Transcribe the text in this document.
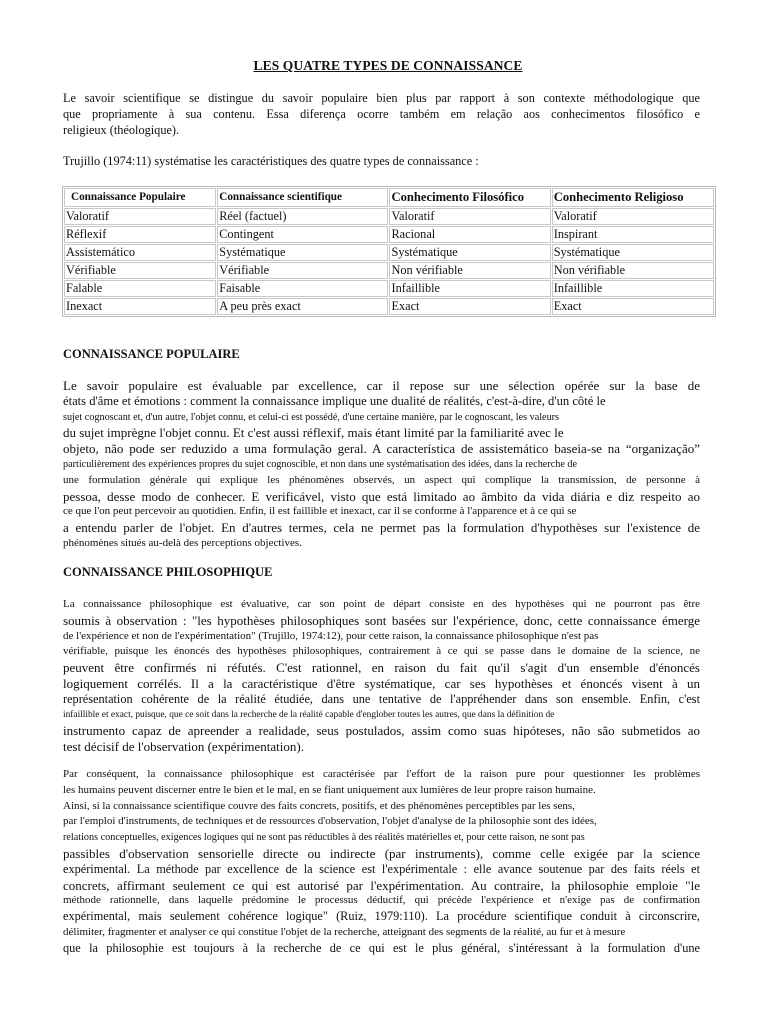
LES QUATRE TYPES DE CONNAISSANCE

Le savoir scientifique se distingue du savoir populaire bien plus par rapport à son contexte méthodologique que
que propriamente à sua contenu. Essa diferença ocorre também em relação aos conhecimentos filosófico e
religieux (théologique).

Trujillo (1974:11) systématise les caractéristiques des quatre types de connaissance :

Connaissance Populaire	Connaissance scientifique	Conhecimento Filosófico	Conhecimento Religioso
Valoratif	Réel (factuel)	Valoratif	Valoratif
Réflexif	Contingent	Racional	Inspirant
Assistemático	Systématique	Systématique	Systématique
Vérifiable	Vérifiable	Non vérifiable	Non vérifiable
Falable	Faisable	Infaillible	Infaillible
Inexact	A peu près exact	Exact	Exact
CONNAISSANCE POPULAIRE

Le savoir populaire est évaluable par excellence, car il repose sur une sélection opérée sur la base de
états d'âme et émotions : comment la connaissance implique une dualité de réalités, c'est-à-dire, d'un côté le
sujet cognoscant et, d'un autre, l'objet connu, et celui-ci est possédé, d'une certaine manière, par le cognoscant, les valeurs
du sujet imprègne l'objet connu. Et c'est aussi réflexif, mais étant limité par la familiarité avec le
objeto, não pode ser reduzido a uma formulação geral. A característica de assistemático baseia-se na “organização”
particulièrement des expériences propres du sujet cognoscible, et non dans une systématisation des idées, dans la recherche de
une formulation générale qui explique les phénomènes observés, un aspect qui complique la transmission, de personne à
pessoa, desse modo de conhecer. E verificável, visto que está limitado ao âmbito da vida diária e diz respeito ao
ce que l'on peut percevoir au quotidien. Enfin, il est faillible et inexact, car il se conforme à l'apparence et à ce qui se
a entendu parler de l'objet. En d'autres termes, cela ne permet pas la formulation d'hypothèses sur l'existence de
phénomènes situés au-delà des perceptions objectives.

CONNAISSANCE PHILOSOPHIQUE

La connaissance philosophique est évaluative, car son point de départ consiste en des hypothèses qui ne pourront pas être
soumis à observation : "les hypothèses philosophiques sont basées sur l'expérience, donc, cette connaissance émerge
de l'expérience et non de l'expérimentation" (Trujillo, 1974:12), pour cette raison, la connaissance philosophique n'est pas
vérifiable, puisque les énoncés des hypothèses philosophiques, contrairement à ce qui se passe dans le domaine de la science, ne
peuvent être confirmés ni réfutés. C'est rationnel, en raison du fait qu'il s'agit d'un ensemble d'énoncés
logiquement corrélés. Il a la caractéristique d'être systématique, car ses hypothèses et énoncés visent à un
représentation cohérente de la réalité étudiée, dans une tentative de l'appréhender dans son ensemble. Enfin, c'est
infaillible et exact, puisque, que ce soit dans la recherche de la réalité capable d'englober toutes les autres, que dans la définition de
instrumento capaz de apreender a realidade, seus postulados, assim como suas hipóteses, não são submetidos ao
test décisif de l'observation (expérimentation).

Par conséquent, la connaissance philosophique est caractérisée par l'effort de la raison pure pour questionner les problèmes
les humains peuvent discerner entre le bien et le mal, en se fiant uniquement aux lumières de leur propre raison humaine.
Ainsi, si la connaissance scientifique couvre des faits concrets, positifs, et des phénomènes perceptibles par les sens,
par l'emploi d'instruments, de techniques et de ressources d'observation, l'objet d'analyse de la philosophie sont des idées,
relations conceptuelles, exigences logiques qui ne sont pas réductibles à des réalités matérielles et, pour cette raison, ne sont pas
passibles d'observation sensorielle directe ou indirecte (par instruments), comme celle exigée par la science
expérimental. La méthode par excellence de la science est l'expérimentale : elle avance soutenue par des faits réels et
concrets, affirmant seulement ce qui est autorisé par l'expérimentation. Au contraire, la philosophie emploie "le
méthode rationnelle, dans laquelle prédomine le processus déductif, qui précède l'expérience et n'exige pas de confirmation
expérimental, mais seulement cohérence logique" (Ruiz, 1979:110). La procédure scientifique conduit à circonscrire,
délimiter, fragmenter et analyser ce qui constitue l'objet de la recherche, atteignant des segments de la réalité, au fur et à mesure
que la philosophie est toujours à la recherche de ce qui est le plus général, s'intéressant à la formulation d'une
